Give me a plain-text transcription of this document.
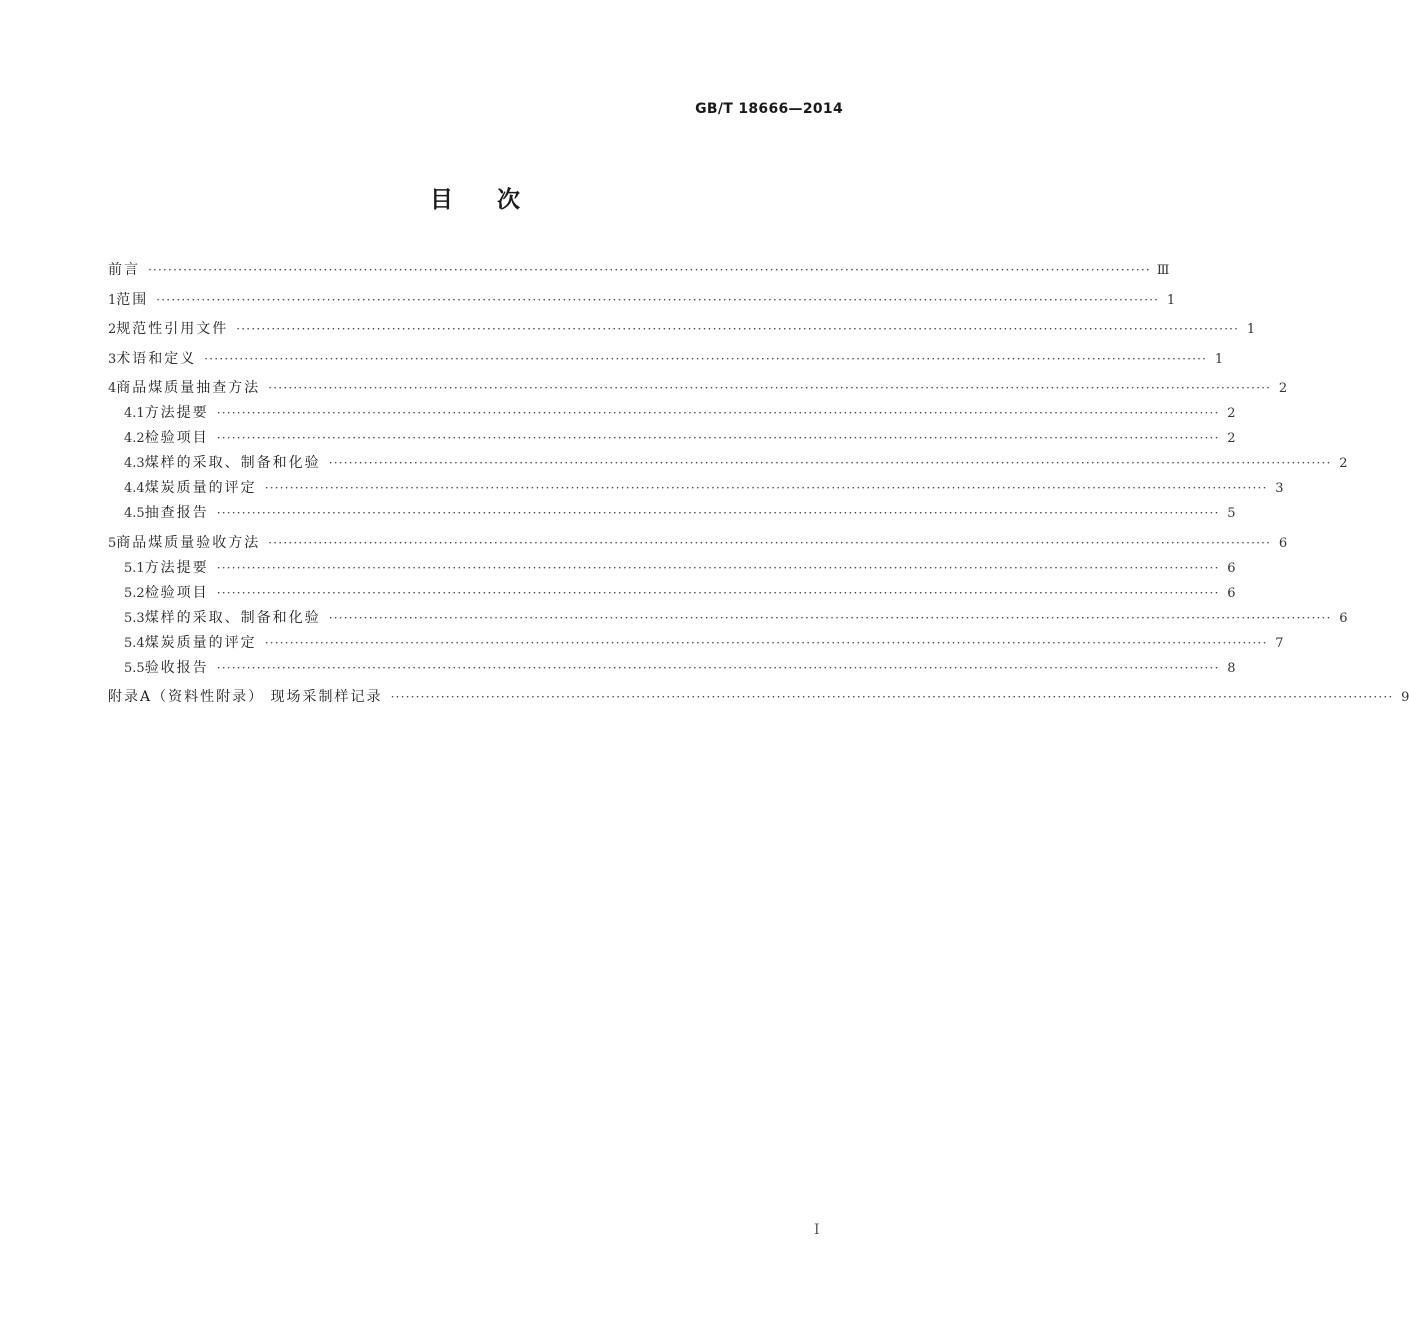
GB/T 18666—2014
目次
前言 ········································································································································································································ Ⅲ
1 范围 ········································································································································································································ 1
2 规范性引用文件 ········································································································································································································ 1
3 术语和定义 ········································································································································································································ 1
4 商品煤质量抽查方法 ········································································································································································································ 2
4.1 方法提要 ········································································································································································································ 2
4.2 检验项目 ········································································································································································································ 2
4.3 煤样的采取、制备和化验 ········································································································································································································ 2
4.4 煤炭质量的评定 ········································································································································································································ 3
4.5 抽查报告 ········································································································································································································ 5
5 商品煤质量验收方法 ········································································································································································································ 6
5.1 方法提要 ········································································································································································································ 6
5.2 检验项目 ········································································································································································································ 6
5.3 煤样的采取、制备和化验 ········································································································································································································ 6
5.4 煤炭质量的评定 ········································································································································································································ 7
5.5 验收报告 ········································································································································································································ 8
附录A（资料性附录） 现场采制样记录 ········································································································································································································ 9
Ⅰ
